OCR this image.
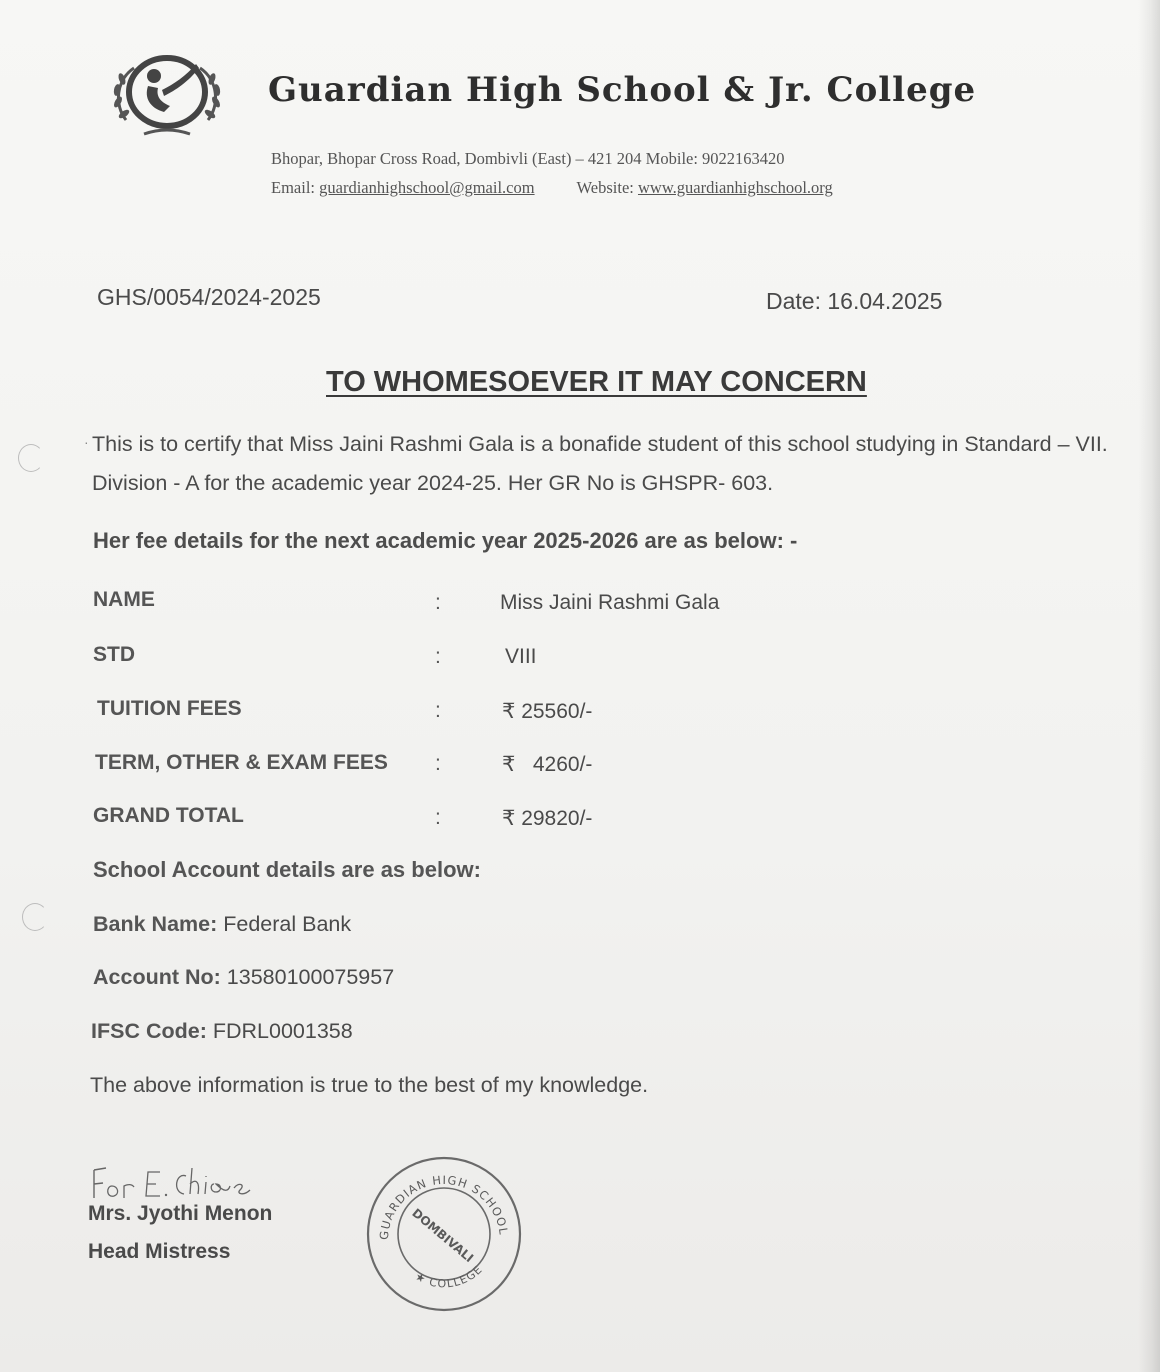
Guardian High School & Jr. College
Bhopar, Bhopar Cross Road, Dombivli (East) – 421 204 Mobile: 9022163420
Email: guardianhighschool@gmail.com	Website: www.guardianhighschool.org
GHS/0054/2024-2025	Date: 16.04.2025
TO WHOMESOEVER IT MAY CONCERN
· This is to certify that Miss Jaini Rashmi Gala is a bonafide student of this school studying in Standard – VII. Division - A for the academic year 2024-25. Her GR No is GHSPR- 603.
Her fee details for the next academic year 2025-2026 are as below: -
NAME	:	Miss Jaini Rashmi Gala
STD	:	VIII
TUITION FEES	:	₹ 25560/-
TERM, OTHER & EXAM FEES :	₹   4260/-
GRAND TOTAL	:	₹ 29820/-
School Account details are as below:
Bank Name: Federal Bank
Account No: 13580100075957
IFSC Code: FDRL0001358
The above information is true to the best of my knowledge.
Mrs. Jyothi Menon
Head Mistress
GUARDIAN HIGH SCHOOL
★ COLLEGE
DOMBIVALI
